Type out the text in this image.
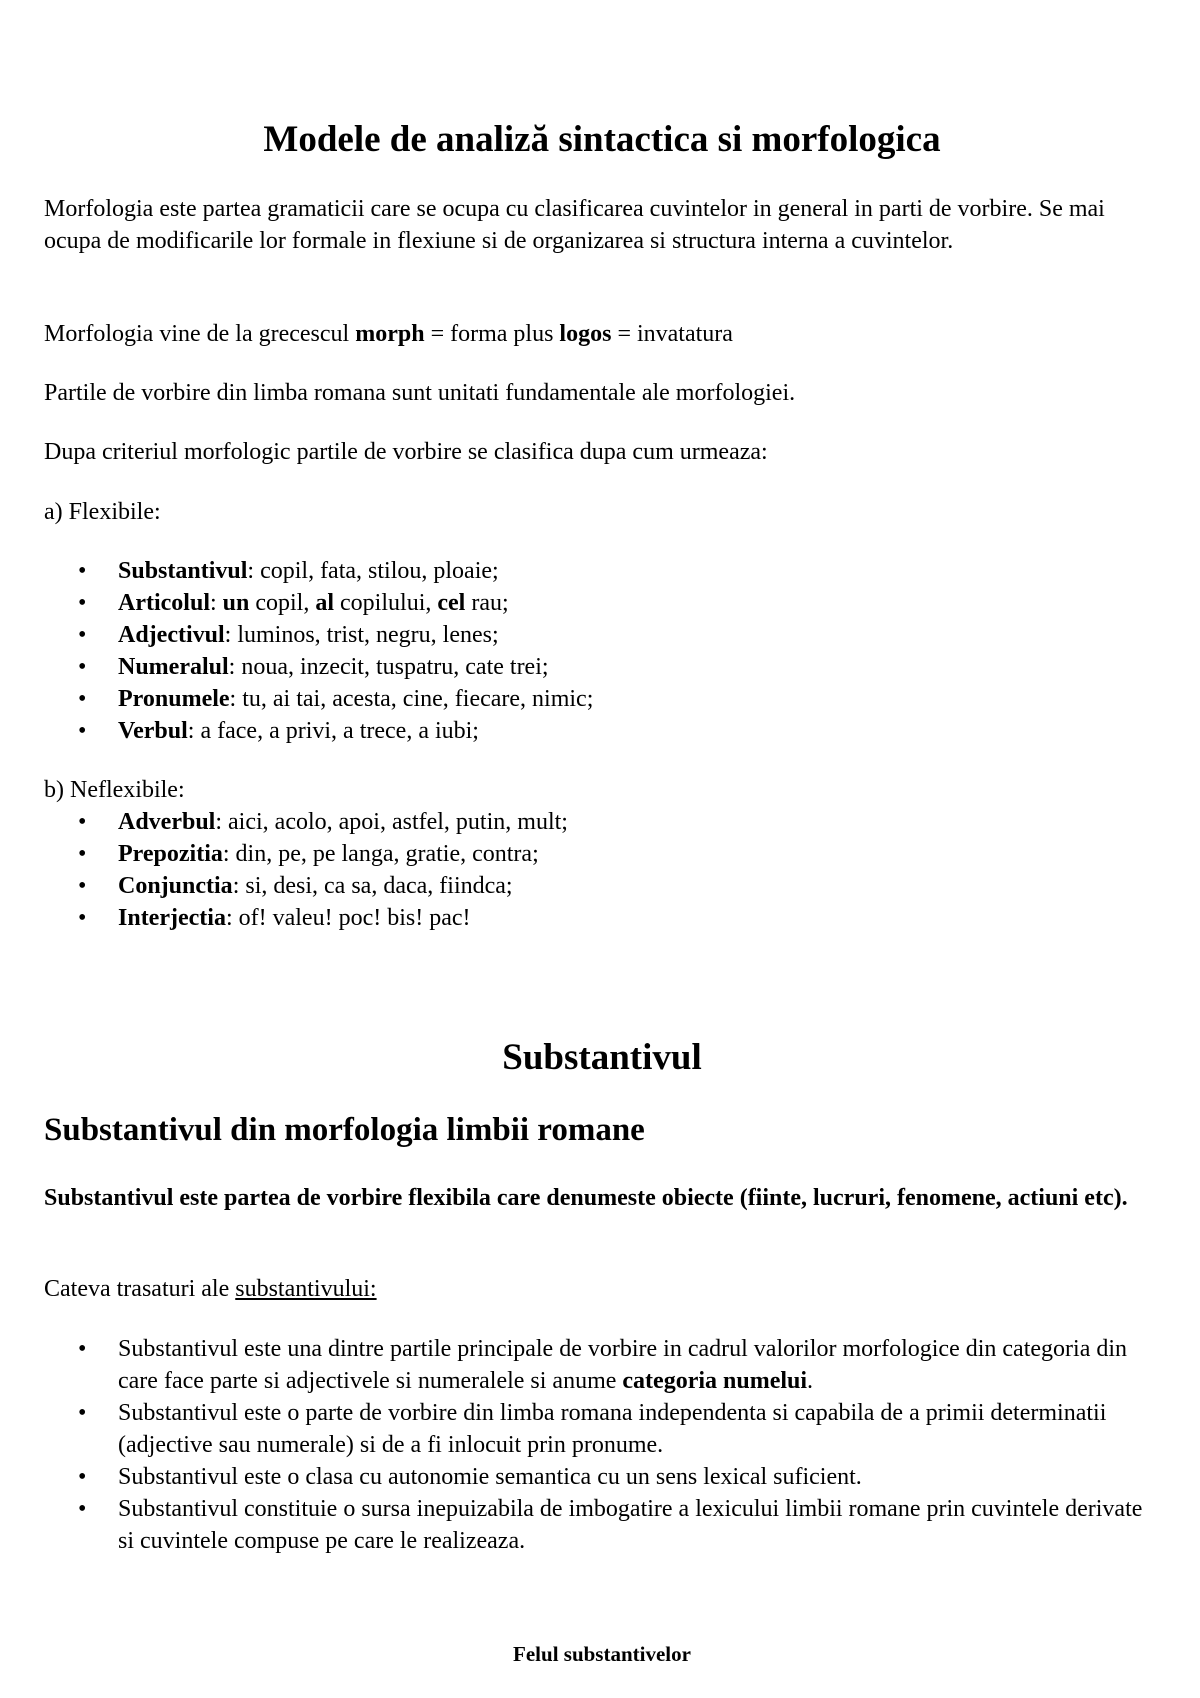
Modele de analiză sintactica si morfologica

Morfologia este partea gramaticii care se ocupa cu clasificarea cuvintelor in general in parti de vorbire. Se mai ocupa de modificarile lor formale in flexiune si de organizarea si structura interna a cuvintelor.

Morfologia vine de la grecescul morph = forma plus logos = invatatura

Partile de vorbire din limba romana sunt unitati fundamentale ale morfologiei.

Dupa criteriul morfologic partile de vorbire se clasifica dupa cum urmeaza:

a) Flexibile:

• Substantivul: copil, fata, stilou, ploaie;
• Articolul: un copil, al copilului, cel rau;
• Adjectivul: luminos, trist, negru, lenes;
• Numeralul: noua, inzecit, tuspatru, cate trei;
• Pronumele: tu, ai tai, acesta, cine, fiecare, nimic;
• Verbul: a face, a privi, a trece, a iubi;

b) Neflexibile:

• Adverbul: aici, acolo, apoi, astfel, putin, mult;
• Prepozitia: din, pe, pe langa, gratie, contra;
• Conjunctia: si, desi, ca sa, daca, fiindca;
• Interjectia: of! valeu! poc! bis! pac!
Substantivul
Substantivul din morfologia limbii romane

Substantivul este partea de vorbire flexibila care denumeste obiecte (fiinte, lucruri, fenomene, actiuni etc).

Cateva trasaturi ale substantivului:

• Substantivul este una dintre partile principale de vorbire in cadrul valorilor morfologice din categoria din care face parte si adjectivele si numeralele si anume categoria numelui.
• Substantivul este o parte de vorbire din limba romana independenta si capabila de a primii determinatii (adjective sau numerale) si de a fi inlocuit prin pronume.
• Substantivul este o clasa cu autonomie semantica cu un sens lexical suficient.
• Substantivul constituie o sursa inepuizabila de imbogatire a lexicului limbii romane prin cuvintele derivate si cuvintele compuse pe care le realizeaza.

Felul substantivelor
